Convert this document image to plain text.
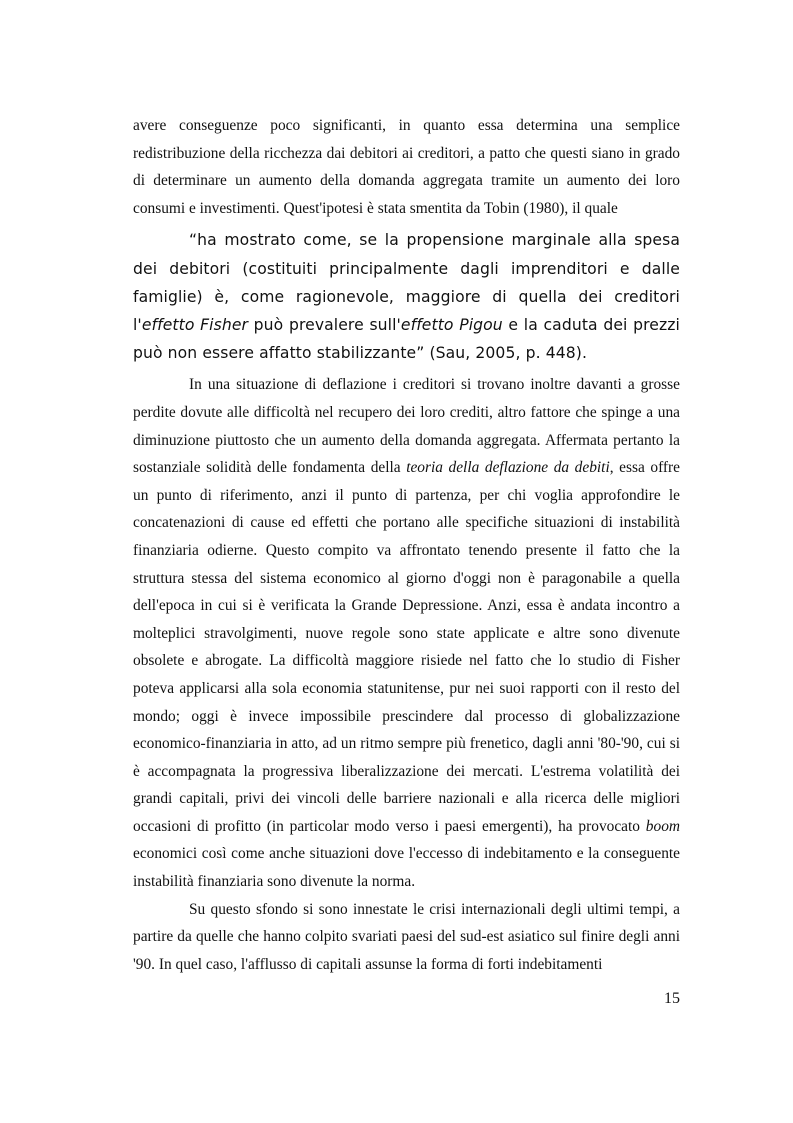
avere conseguenze poco significanti, in quanto essa determina una semplice redistribuzione della ricchezza dai debitori ai creditori, a patto che questi siano in grado di determinare un aumento della domanda aggregata tramite un aumento dei loro consumi e investimenti. Quest'ipotesi è stata smentita da Tobin (1980), il quale

“ha mostrato come, se la propensione marginale alla spesa dei debitori (costituiti principalmente dagli imprenditori e dalle famiglie) è, come ragionevole, maggiore di quella dei creditori l'effetto Fisher può prevalere sull'effetto Pigou e la caduta dei prezzi può non essere affatto stabilizzante” (Sau, 2005, p. 448).

In una situazione di deflazione i creditori si trovano inoltre davanti a grosse perdite dovute alle difficoltà nel recupero dei loro crediti, altro fattore che spinge a una diminuzione piuttosto che un aumento della domanda aggregata. Affermata pertanto la sostanziale solidità delle fondamenta della teoria della deflazione da debiti, essa offre un punto di riferimento, anzi il punto di partenza, per chi voglia approfondire le concatenazioni di cause ed effetti che portano alle specifiche situazioni di instabilità finanziaria odierne. Questo compito va affrontato tenendo presente il fatto che la struttura stessa del sistema economico al giorno d'oggi non è paragonabile a quella dell'epoca in cui si è verificata la Grande Depressione. Anzi, essa è andata incontro a molteplici stravolgimenti, nuove regole sono state applicate e altre sono divenute obsolete e abrogate. La difficoltà maggiore risiede nel fatto che lo studio di Fisher poteva applicarsi alla sola economia statunitense, pur nei suoi rapporti con il resto del mondo; oggi è invece impossibile prescindere dal processo di globalizzazione economico-finanziaria in atto, ad un ritmo sempre più frenetico, dagli anni '80-'90, cui si è accompagnata la progressiva liberalizzazione dei mercati. L'estrema volatilità dei grandi capitali, privi dei vincoli delle barriere nazionali e alla ricerca delle migliori occasioni di profitto (in particolar modo verso i paesi emergenti), ha provocato boom economici così come anche situazioni dove l'eccesso di indebitamento e la conseguente instabilità finanziaria sono divenute la norma.

Su questo sfondo si sono innestate le crisi internazionali degli ultimi tempi, a partire da quelle che hanno colpito svariati paesi del sud-est asiatico sul finire degli anni '90. In quel caso, l'afflusso di capitali assunse la forma di forti indebitamenti

15
